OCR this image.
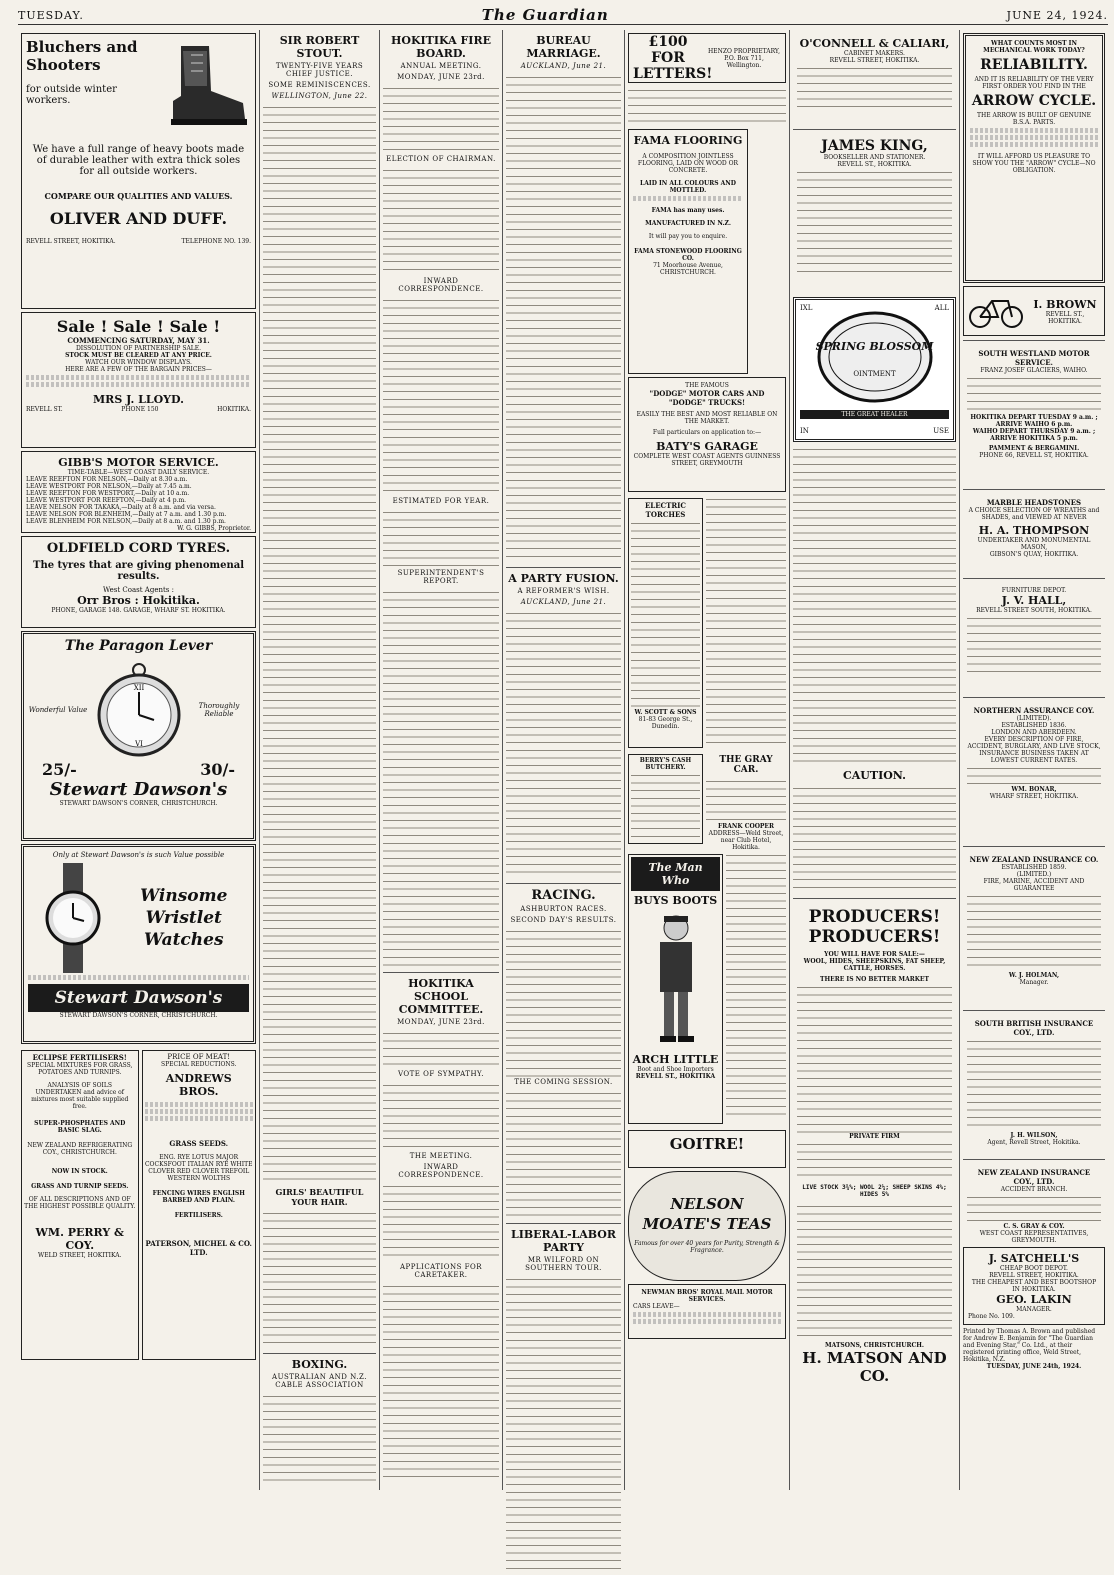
TUESDAY.	The Guardian	JUNE 24, 1924.
Bluchers and Shooters
for outside winter workers.
We have a full range of heavy boots made of durable leather with extra thick soles for all outside workers.
COMPARE OUR QUALITIES AND VALUES.
OLIVER AND DUFF.
REVELL STREET, HOKITIKA.	TELEPHONE NO. 139.
Sale ! Sale ! Sale !
COMMENCING SATURDAY, MAY 31.
DISSOLUTION OF PARTNERSHIP SALE.
STOCK MUST BE CLEARED AT ANY PRICE.
WATCH OUR WINDOW DISPLAYS.
HERE ARE A FEW OF THE BARGAIN PRICES—
MRS J. LLOYD.
REVELL ST.	PHONE 150	HOKITIKA.
GIBB'S MOTOR SERVICE.
TIME-TABLE—WEST COAST DAILY SERVICE.
LEAVE REEFTON FOR NELSON,—Daily at 8.30 a.m.
LEAVE WESTPORT FOR NELSON,—Daily at 7.45 a.m.
LEAVE REEFTON FOR WESTPORT,—Daily at 10 a.m.
LEAVE WESTPORT FOR REEFTON,—Daily at 4 p.m.
LEAVE NELSON FOR TAKAKA,—Daily at 8 a.m. and via versa.
LEAVE NELSON FOR BLENHEIM,—Daily at 7 a.m. and 1.30 p.m.
LEAVE BLENHEIM FOR NELSON,—Daily at 8 a.m. and 1.30 p.m.
W. G. GIBBS, Proprietor.
OLDFIELD CORD TYRES.
The tyres that are giving phenomenal results.
West Coast Agents :
Orr Bros : Hokitika.
PHONE, GARAGE 148. GARAGE, WHARF ST. HOKITIKA.
The Paragon Lever
Wonderful Value
XII
VI
Thoroughly Reliable
25/-	30/-
Stewart Dawson's
STEWART DAWSON'S CORNER, CHRISTCHURCH.
Only at Stewart Dawson's is such Value possible
Winsome Wristlet Watches
Stewart Dawson's
STEWART DAWSON'S CORNER, CHRISTCHURCH.
ECLIPSE FERTILISERS!
SPECIAL MIXTURES FOR GRASS, POTATOES AND TURNIPS.
ANALYSIS OF SOILS UNDERTAKEN and advice of mixtures most suitable supplied free.
SUPER-PHOSPHATES AND BASIC SLAG.
NEW ZEALAND REFRIGERATING COY., CHRISTCHURCH.
NOW IN STOCK.
GRASS AND TURNIP SEEDS.
OF ALL DESCRIPTIONS AND OF THE HIGHEST POSSIBLE QUALITY.
WM. PERRY & COY.
WELD STREET, HOKITIKA.
PRICE OF MEAT!
SPECIAL REDUCTIONS.
ANDREWS BROS.
GRASS SEEDS.
ENG. RYE LOTUS MAJOR COCKSFOOT ITALIAN RYE WHITE CLOVER RED CLOVER TREFOIL WESTERN WOLTHS
FENCING WIRES ENGLISH BARBED AND PLAIN.
FERTILISERS.
PATERSON, MICHEL & CO. LTD.
SIR ROBERT STOUT.
TWENTY-FIVE YEARS CHIEF JUSTICE.
SOME REMINISCENCES.
WELLINGTON, June 22.
GIRLS' BEAUTIFUL YOUR HAIR.
BOXING.
AUSTRALIAN AND N.Z. CABLE ASSOCIATION
HOKITIKA FIRE BOARD.
ANNUAL MEETING.
MONDAY, JUNE 23rd.
ELECTION OF CHAIRMAN.
INWARD CORRESPONDENCE.
ESTIMATED FOR YEAR.
SUPERINTENDENT'S REPORT.
HOKITIKA SCHOOL COMMITTEE.
MONDAY, JUNE 23rd.
VOTE OF SYMPATHY.
THE MEETING.
INWARD CORRESPONDENCE.
APPLICATIONS FOR CARETAKER.
BUREAU MARRIAGE.
AUCKLAND, June 21.
A PARTY FUSION.
A REFORMER'S WISH.
AUCKLAND, June 21.
RACING.
ASHBURTON RACES.
SECOND DAY'S RESULTS.
THE COMING SESSION.
LIBERAL-LABOR PARTY
MR WILFORD ON SOUTHERN TOUR.
£100 FOR LETTERS!
HENZO PROPRIETARY, P.O. Box 711, Wellington.
FAMA FLOORING
A COMPOSITION JOINTLESS FLOORING, LAID ON WOOD OR CONCRETE.
LAID IN ALL COLOURS AND MOTTLED.
FAMA has many uses.
MANUFACTURED IN N.Z.
It will pay you to enquire.
FAMA STONEWOOD FLOORING CO.
71 Moorhouse Avenue, CHRISTCHURCH.
THE FAMOUS
"DODGE" MOTOR CARS AND "DODGE" TRUCKS!
EASILY THE BEST AND MOST RELIABLE ON THE MARKET.
Full particulars on application to:—
BATY'S GARAGE
COMPLETE WEST COAST AGENTS GUINNESS STREET, GREYMOUTH
ELECTRIC TORCHES
W. SCOTT & SONS
81-83 George St., Dunedin.
BERRY'S CASH BUTCHERY.
THE GRAY CAR.
FRANK COOPER
ADDRESS—Weld Street, near Club Hotel, Hokitika.
The Man Who
BUYS BOOTS
ARCH LITTLE
Boot and Shoe Importers
REVELL ST., HOKITIKA
GOITRE!
NELSON MOATE'S TEAS
Famous for over 40 years for Purity, Strength & Fragrance.
NEWMAN BROS' ROYAL MAIL MOTOR SERVICES.
CARS LEAVE—
O'CONNELL & CALIARI,
CABINET MAKERS.
REVELL STREET, HOKITIKA.
JAMES KING,
BOOKSELLER AND STATIONER.
REVELL ST., HOKITIKA.
IXL	ALL
IN	USE
SPRING BLOSSOM
OINTMENT
THE GREAT HEALER
CAUTION.
PRODUCERS!
PRODUCERS!
YOU WILL HAVE FOR SALE:—
WOOL, HIDES, SHEEPSKINS, FAT SHEEP, CATTLE, HORSES.
THERE IS NO BETTER MARKET
PRIVATE FIRM
LIVE STOCK 3¾%; WOOL 2¼; SHEEP SKINS 4%; HIDES 5%
MATSONS, CHRISTCHURCH.
H. MATSON AND CO.
WHAT COUNTS MOST IN MECHANICAL WORK TODAY?
RELIABILITY.
AND IT IS RELIABILITY OF THE VERY FIRST ORDER YOU FIND IN THE
ARROW CYCLE.
THE ARROW IS BUILT OF GENUINE B.S.A. PARTS.
IT WILL AFFORD US PLEASURE TO SHOW YOU THE "ARROW" CYCLE—NO OBLIGATION.
I. BROWN
REVELL ST., HOKITIKA.
SOUTH WESTLAND MOTOR SERVICE.
FRANZ JOSEF GLACIERS, WAIHO.
HOKITIKA DEPART TUESDAY 9 a.m. ; ARRIVE WAIHO 6 p.m.
WAIHO DEPART THURSDAY 9 a.m. ; ARRIVE HOKITIKA 5 p.m.
PAMMENT & BERGAMINI.
PHONE 66, REVELL ST, HOKITIKA.
MARBLE HEADSTONES
A CHOICE SELECTION OF WREATHS and SHADES, and VIEWED AT NEVER
H. A. THOMPSON
UNDERTAKER AND MONUMENTAL MASON,
GIBSON'S QUAY, HOKITIKA.
FURNITURE DEPOT.
J. V. HALL,
REVELL STREET SOUTH, HOKITIKA.
NORTHERN ASSURANCE COY.
(LIMITED).
ESTABLISHED 1836.
LONDON AND ABERDEEN.
EVERY DESCRIPTION OF FIRE, ACCIDENT, BURGLARY, AND LIVE STOCK, INSURANCE BUSINESS TAKEN AT LOWEST CURRENT RATES.
WM. BONAR,
WHARF STREET, HOKITIKA.
NEW ZEALAND INSURANCE CO.
ESTABLISHED 1859.
(LIMITED.)
FIRE, MARINE, ACCIDENT AND GUARANTEE
W. J. HOLMAN,
Manager.
SOUTH BRITISH INSURANCE COY., LTD.
J. H. WILSON,
Agent, Revell Street, Hokitika.
NEW ZEALAND INSURANCE COY., LTD.
ACCIDENT BRANCH.
C. S. GRAY & COY.
WEST COAST REPRESENTATIVES, GREYMOUTH.
J. SATCHELL'S
CHEAP BOOT DEPOT.
REVELL STREET, HOKITIKA.
THE CHEAPEST AND BEST BOOTSHOP IN HOKITIKA.
GEO. LAKIN
MANAGER.
Phone No. 109.
Printed by Thomas A. Brown and published for Andrew E. Benjamin for "The Guardian and Evening Star," Co. Ltd., at their registered printing office, Weld Street, Hokitika, N.Z.
TUESDAY, JUNE 24th, 1924.
